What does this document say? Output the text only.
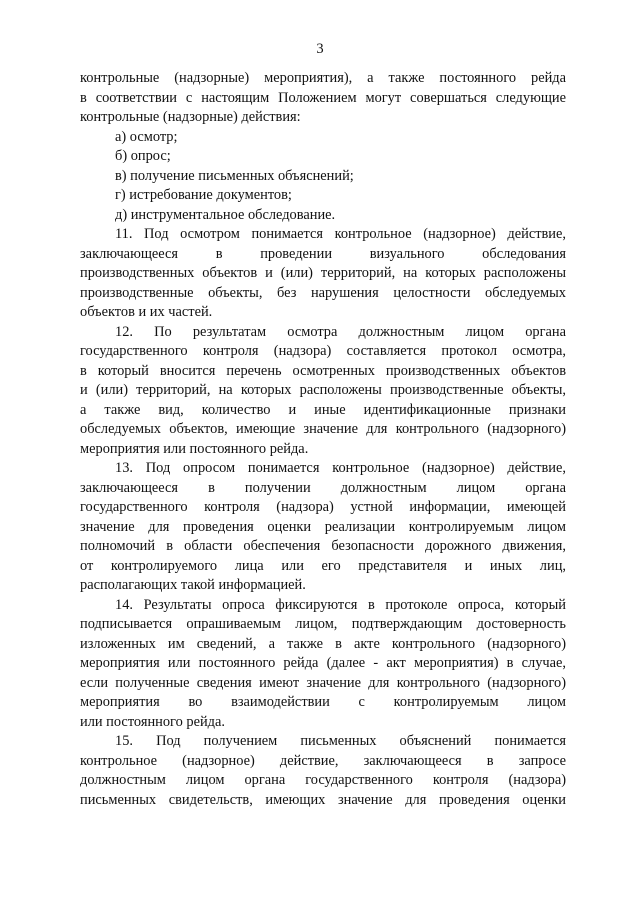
3
контрольные (надзорные) мероприятия), а также постоянного рейда
в соответствии с настоящим Положением могут совершаться следующие
контрольные (надзорные) действия:
а) осмотр;
б) опрос;
в) получение письменных объяснений;
г) истребование документов;
д) инструментальное обследование.
11. Под осмотром понимается контрольное (надзорное) действие,
заключающееся в проведении визуального обследования
производственных объектов и (или) территорий, на которых расположены
производственные объекты, без нарушения целостности обследуемых
объектов и их частей.
12. По результатам осмотра должностным лицом органа
государственного контроля (надзора) составляется протокол осмотра,
в который вносится перечень осмотренных производственных объектов
и (или) территорий, на которых расположены производственные объекты,
а также вид, количество и иные идентификационные признаки
обследуемых объектов, имеющие значение для контрольного (надзорного)
мероприятия или постоянного рейда.
13. Под опросом понимается контрольное (надзорное) действие,
заключающееся в получении должностным лицом органа
государственного контроля (надзора) устной информации, имеющей
значение для проведения оценки реализации контролируемым лицом
полномочий в области обеспечения безопасности дорожного движения,
от контролируемого лица или его представителя и иных лиц,
располагающих такой информацией.
14. Результаты опроса фиксируются в протоколе опроса, который
подписывается опрашиваемым лицом, подтверждающим достоверность
изложенных им сведений, а также в акте контрольного (надзорного)
мероприятия или постоянного рейда (далее - акт мероприятия) в случае,
если полученные сведения имеют значение для контрольного (надзорного)
мероприятия во взаимодействии с контролируемым лицом
или постоянного рейда.
15. Под получением письменных объяснений понимается
контрольное (надзорное) действие, заключающееся в запросе
должностным лицом органа государственного контроля (надзора)
письменных свидетельств, имеющих значение для проведения оценки
